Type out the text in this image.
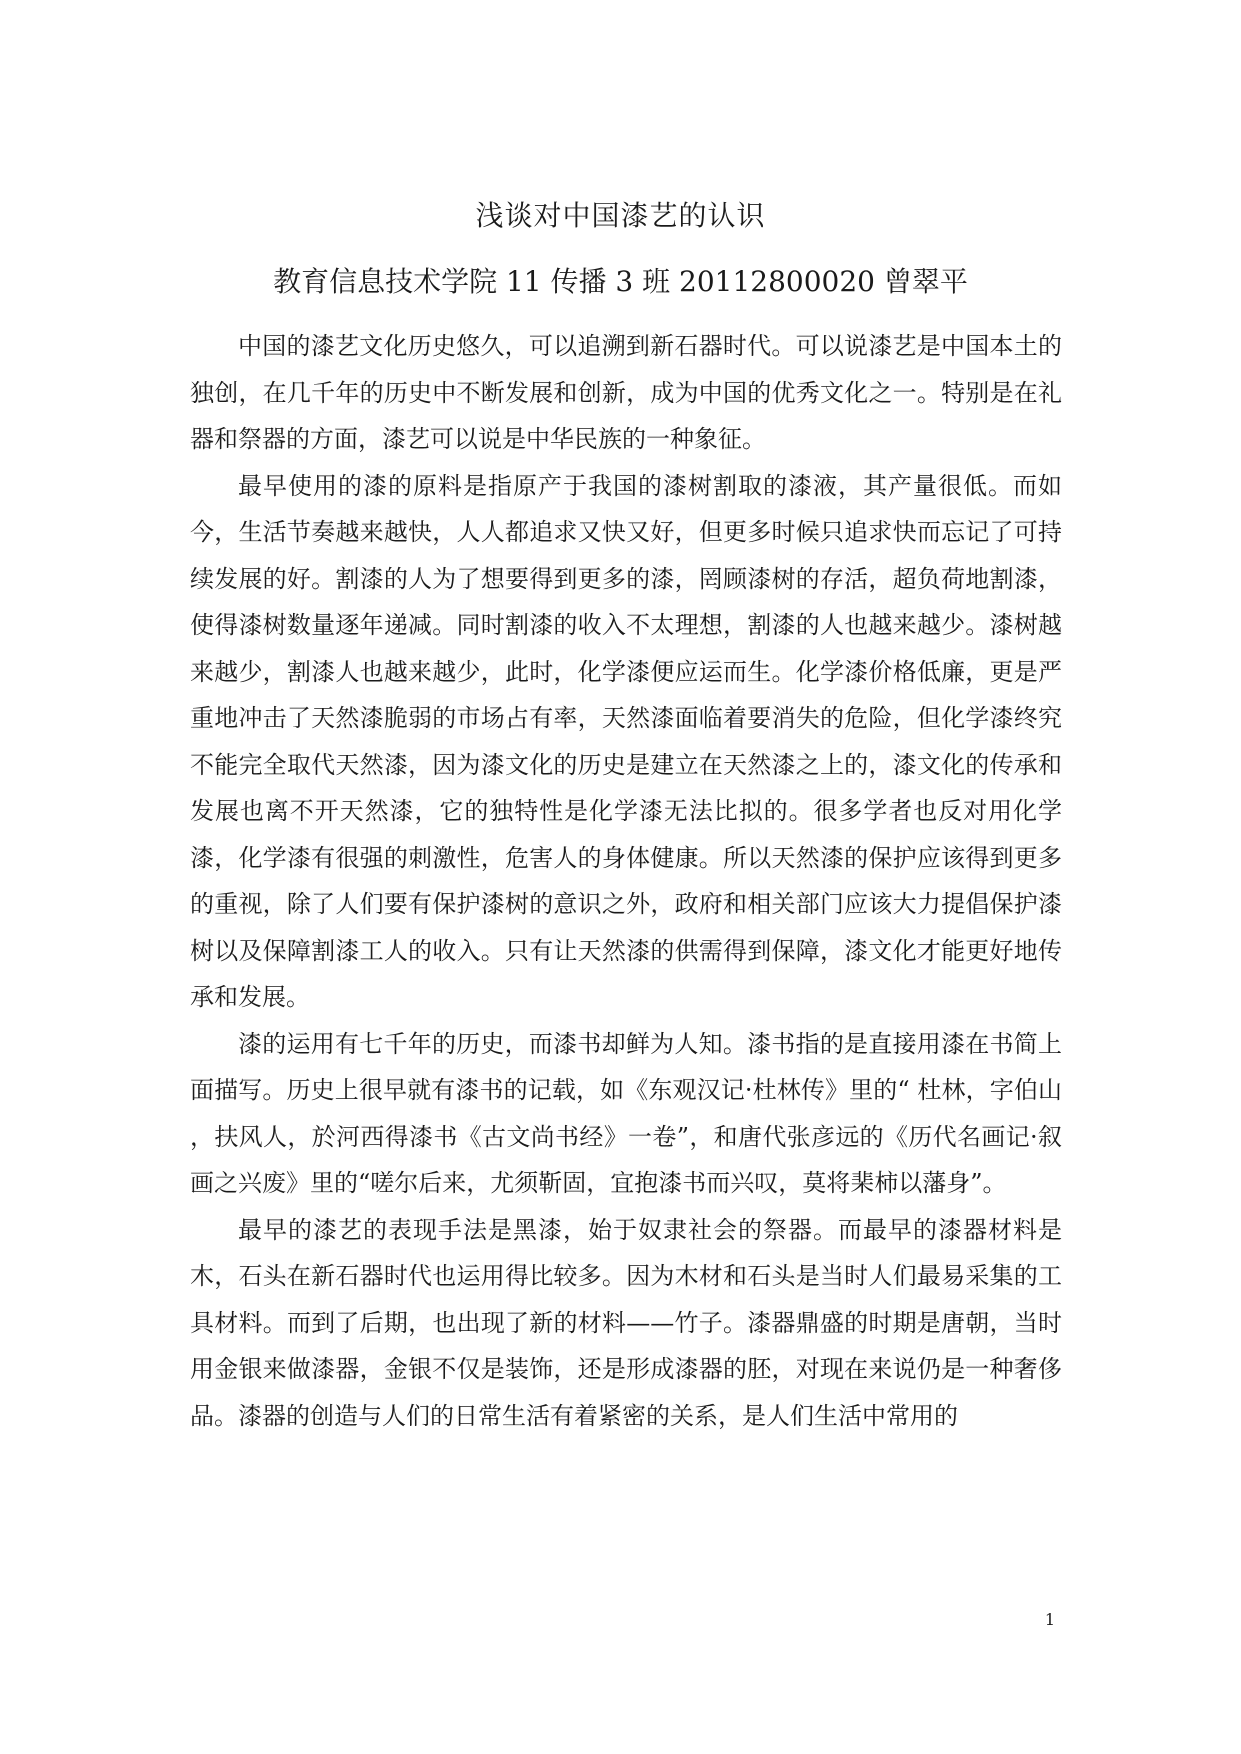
浅谈对中国漆艺的认识
教育信息技术学院 11 传播 3 班 20112800020 曾翠平

中国的漆艺文化历史悠久，可以追溯到新石器时代。可以说漆艺是中国本土的独创，在几千年的历史中不断发展和创新，成为中国的优秀文化之一。特别是在礼器和祭器的方面，漆艺可以说是中华民族的一种象征。

最早使用的漆的原料是指原产于我国的漆树割取的漆液，其产量很低。而如今，生活节奏越来越快，人人都追求又快又好，但更多时候只追求快而忘记了可持续发展的好。割漆的人为了想要得到更多的漆，罔顾漆树的存活，超负荷地割漆，使得漆树数量逐年递减。同时割漆的收入不太理想，割漆的人也越来越少。漆树越来越少，割漆人也越来越少，此时，化学漆便应运而生。化学漆价格低廉，更是严重地冲击了天然漆脆弱的市场占有率，天然漆面临着要消失的危险，但化学漆终究不能完全取代天然漆，因为漆文化的历史是建立在天然漆之上的，漆文化的传承和发展也离不开天然漆，它的独特性是化学漆无法比拟的。很多学者也反对用化学漆，化学漆有很强的刺激性，危害人的身体健康。所以天然漆的保护应该得到更多的重视，除了人们要有保护漆树的意识之外，政府和相关部门应该大力提倡保护漆树以及保障割漆工人的收入。只有让天然漆的供需得到保障，漆文化才能更好地传承和发展。

漆的运用有七千年的历史，而漆书却鲜为人知。漆书指的是直接用漆在书简上面描写。历史上很早就有漆书的记载，如《东观汉记·杜林传》里的“ 杜林，字伯山 ，扶风人，於河西得漆书《古文尚书经》一卷”，和唐代张彦远的《历代名画记·叙画之兴废》里的“嗟尔后来，尤须靳固，宜抱漆书而兴叹，莫将棐柿以藩身”。

最早的漆艺的表现手法是黑漆，始于奴隶社会的祭器。而最早的漆器材料是木，石头在新石器时代也运用得比较多。因为木材和石头是当时人们最易采集的工具材料。而到了后期，也出现了新的材料——竹子。漆器鼎盛的时期是唐朝，当时用金银来做漆器，金银不仅是装饰，还是形成漆器的胚，对现在来说仍是一种奢侈品。漆器的创造与人们的日常生活有着紧密的关系，是人们生活中常用的

1
